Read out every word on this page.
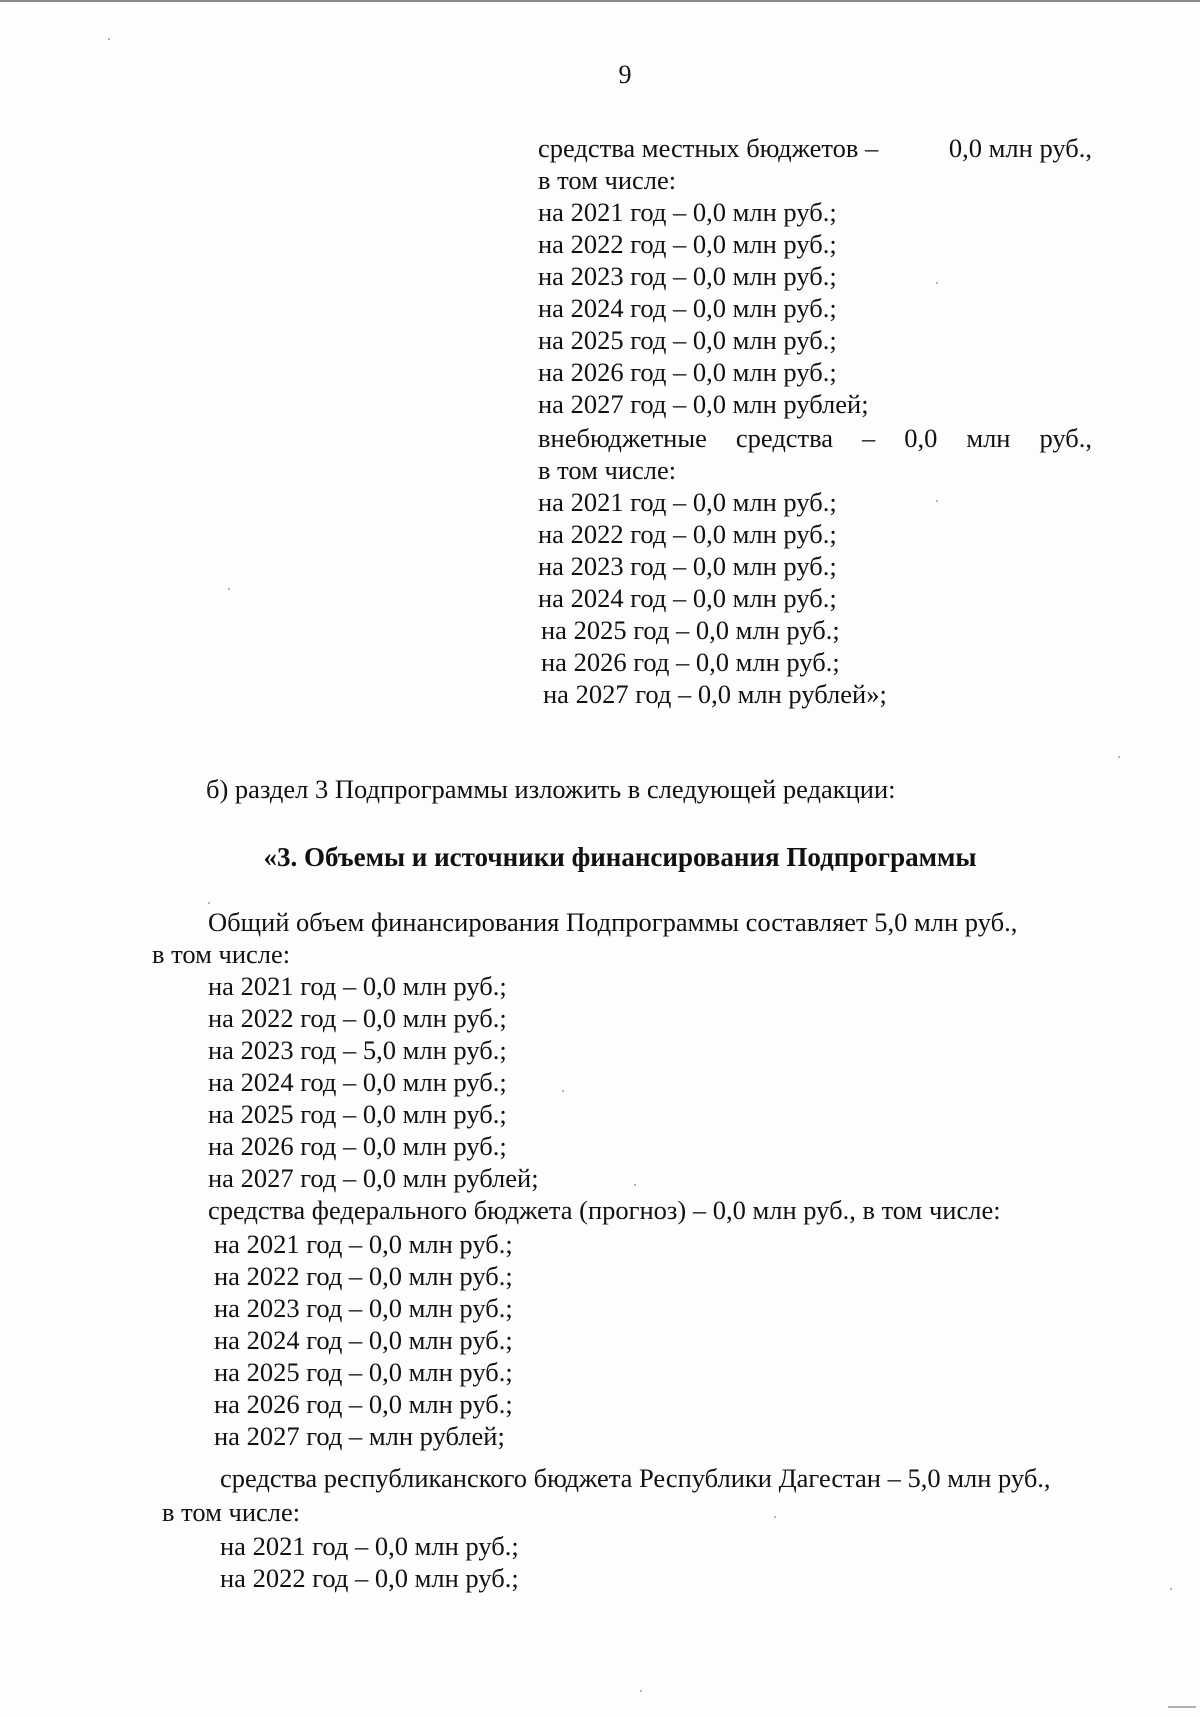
9
средства местных бюджетов –	0,0 млн руб.,
в том числе:
на 2021 год – 0,0 млн руб.;
на 2022 год – 0,0 млн руб.;
на 2023 год – 0,0 млн руб.;
на 2024 год – 0,0 млн руб.;
на 2025 год – 0,0 млн руб.;
на 2026 год – 0,0 млн руб.;
на 2027 год – 0,0 млн рублей;
внебюджетные средства – 0,0 млн руб.,
в том числе:
на 2021 год – 0,0 млн руб.;
на 2022 год – 0,0 млн руб.;
на 2023 год – 0,0 млн руб.;
на 2024 год – 0,0 млн руб.;
на 2025 год – 0,0 млн руб.;
на 2026 год – 0,0 млн руб.;
на 2027 год – 0,0 млн рублей»;
б) раздел 3 Подпрограммы изложить в следующей редакции:
«3. Объемы и источники финансирования Подпрограммы
Общий объем финансирования Подпрограммы составляет 5,0 млн руб.,
в том числе:
на 2021 год – 0,0 млн руб.;
на 2022 год – 0,0 млн руб.;
на 2023 год – 5,0 млн руб.;
на 2024 год – 0,0 млн руб.;
на 2025 год – 0,0 млн руб.;
на 2026 год – 0,0 млн руб.;
на 2027 год – 0,0 млн рублей;
средства федерального бюджета (прогноз) – 0,0 млн руб., в том числе:
на 2021 год – 0,0 млн руб.;
на 2022 год – 0,0 млн руб.;
на 2023 год – 0,0 млн руб.;
на 2024 год – 0,0 млн руб.;
на 2025 год – 0,0 млн руб.;
на 2026 год – 0,0 млн руб.;
на 2027 год – млн рублей;
средства республиканского бюджета Республики Дагестан – 5,0 млн руб.,
в том числе:
на 2021 год – 0,0 млн руб.;
на 2022 год – 0,0 млн руб.;
